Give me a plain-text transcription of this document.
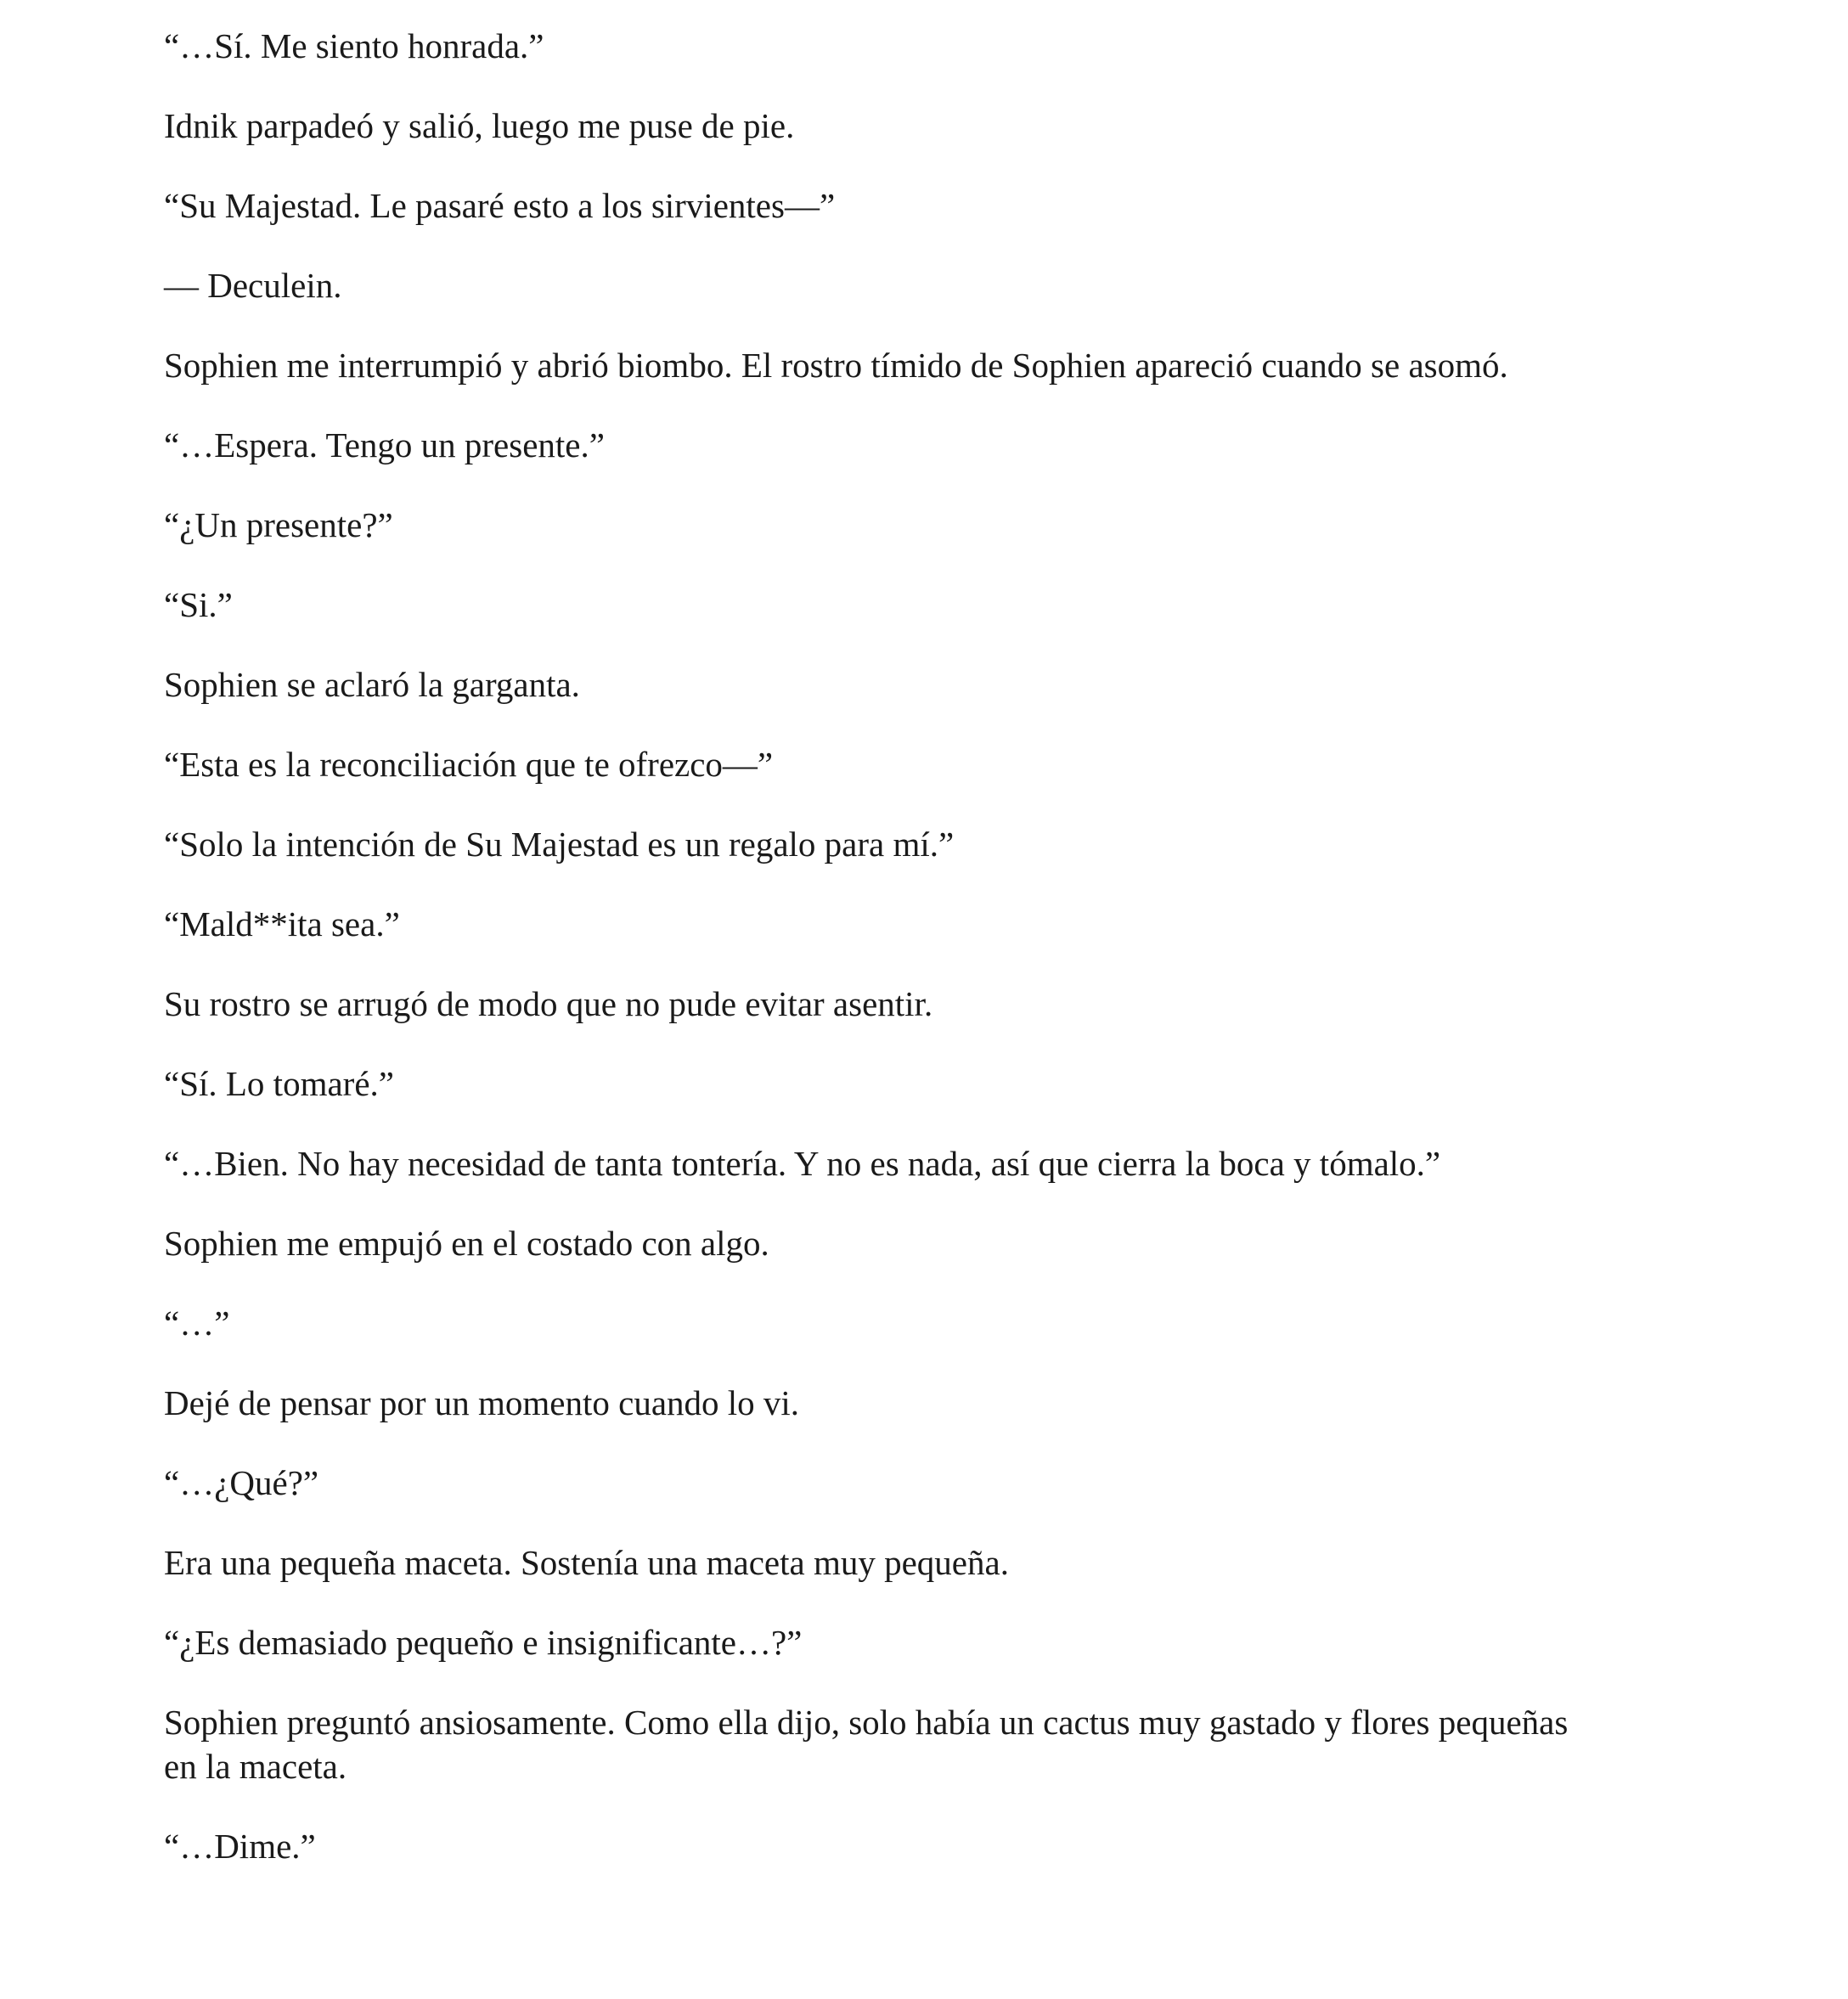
“…Sí. Me siento honrada.”

Idnik parpadeó y salió, luego me puse de pie.

“Su Majestad. Le pasaré esto a los sirvientes—”

— Deculein.

Sophien me interrumpió y abrió biombo. El rostro tímido de Sophien apareció cuando se asomó.

“…Espera. Tengo un presente.”

“¿Un presente?”

“Si.”

Sophien se aclaró la garganta.

“Esta es la reconciliación que te ofrezco—”

“Solo la intención de Su Majestad es un regalo para mí.”

“Mald**ita sea.”

Su rostro se arrugó de modo que no pude evitar asentir.

“Sí. Lo tomaré.”

“…Bien. No hay necesidad de tanta tontería. Y no es nada, así que cierra la boca y tómalo.”

Sophien me empujó en el costado con algo.

“…”

Dejé de pensar por un momento cuando lo vi.

“…¿Qué?”

Era una pequeña maceta. Sostenía una maceta muy pequeña.

“¿Es demasiado pequeño e insignificante…?”

Sophien preguntó ansiosamente. Como ella dijo, solo había un cactus muy gastado y flores pequeñas en la maceta.

“…Dime.”
